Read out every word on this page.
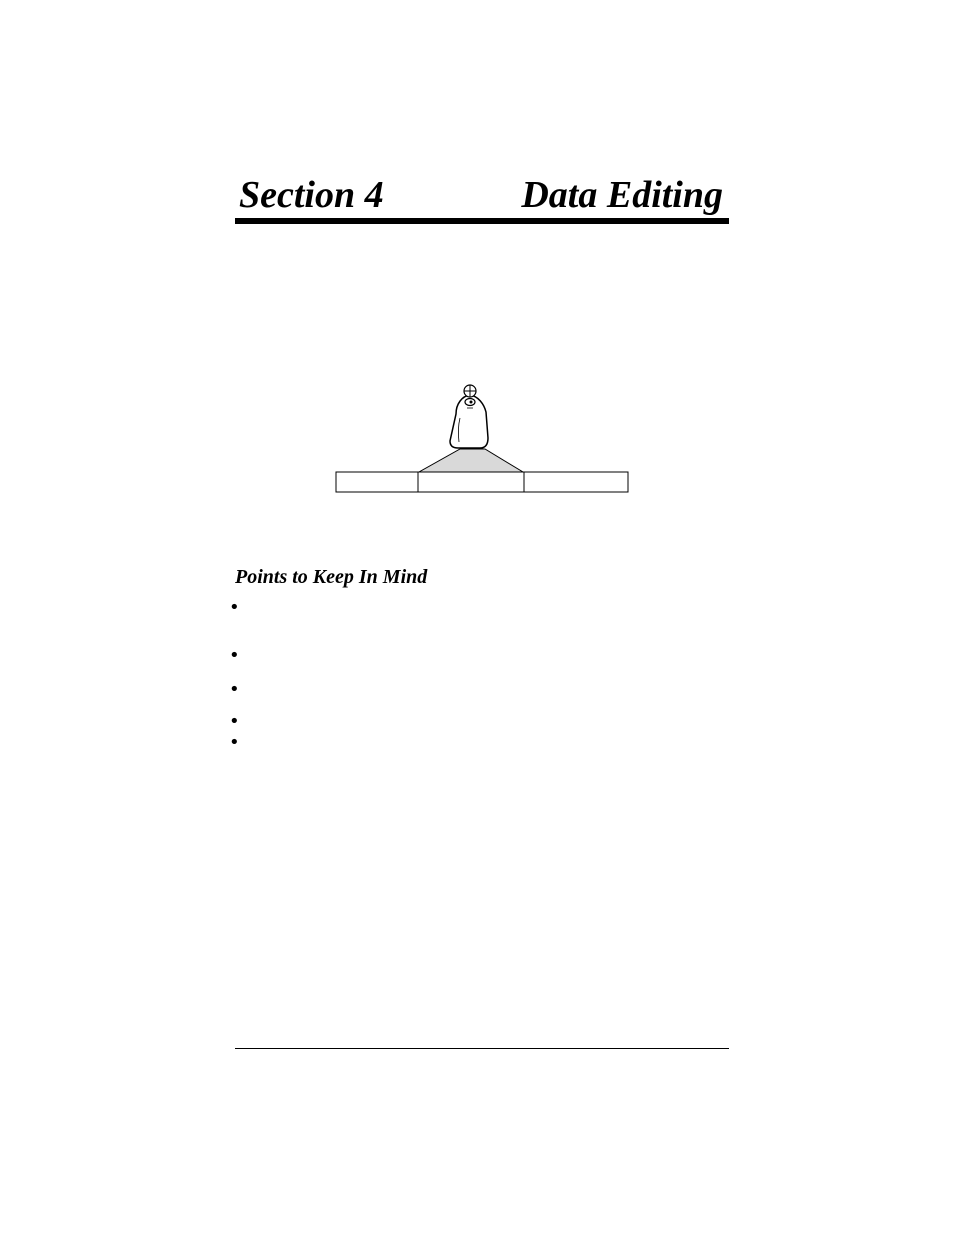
Section 4	Data Editing
Points to Keep In Mind
•
•
•
•
•
